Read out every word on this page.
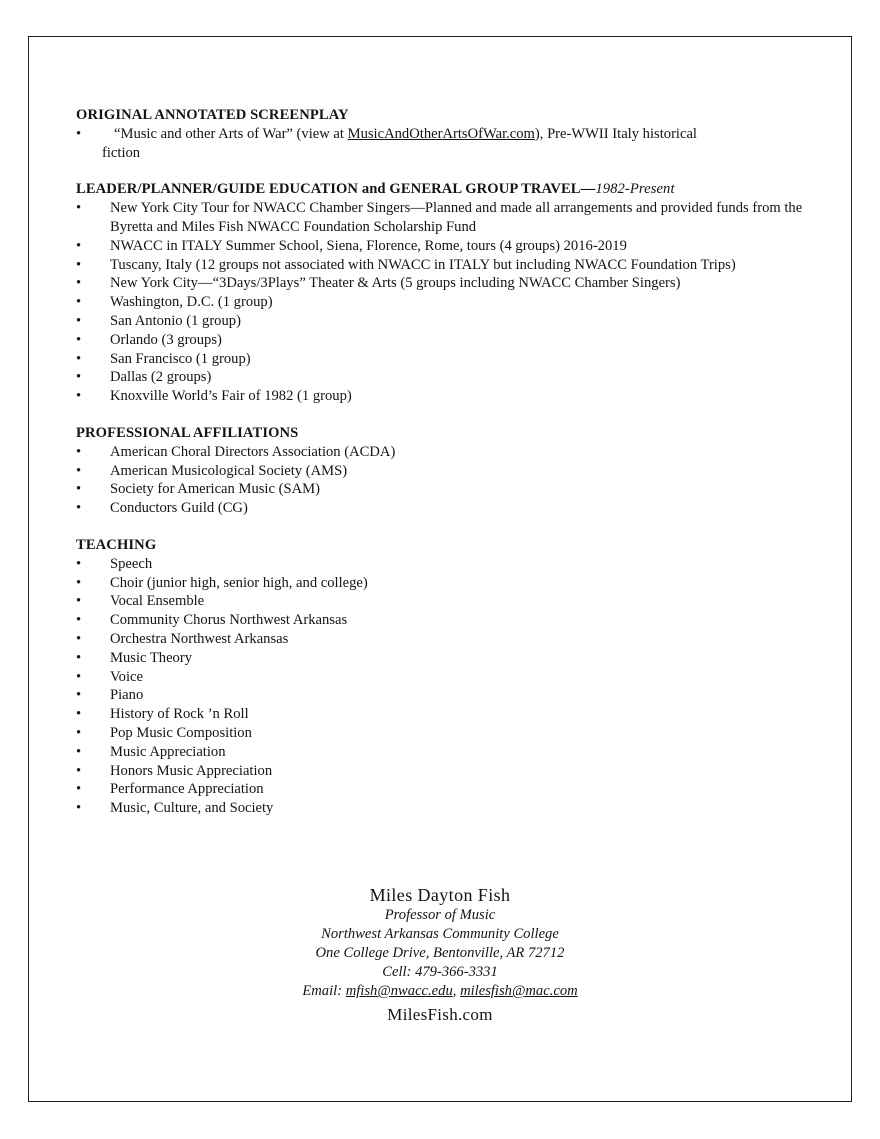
ORIGINAL ANNOTATED SCREENPLAY
• “Music and other Arts of War” (view at MusicAndOtherArtsOfWar.com), Pre-WWII Italy historical
fiction
LEADER/PLANNER/GUIDE EDUCATION and GENERAL GROUP TRAVEL—1982-Present
• New York City Tour for NWACC Chamber Singers—Planned and made all arrangements and provided funds from the Byretta and Miles Fish NWACC Foundation Scholarship Fund
• NWACC in ITALY Summer School, Siena, Florence, Rome, tours (4 groups) 2016-2019
• Tuscany, Italy (12 groups not associated with NWACC in ITALY but including NWACC Foundation Trips)
• New York City—“3Days/3Plays” Theater & Arts (5 groups including NWACC Chamber Singers)
• Washington, D.C. (1 group)
• San Antonio (1 group)
• Orlando (3 groups)
• San Francisco (1 group)
• Dallas (2 groups)
• Knoxville World’s Fair of 1982 (1 group)
PROFESSIONAL AFFILIATIONS
• American Choral Directors Association (ACDA)
• American Musicological Society (AMS)
• Society for American Music (SAM)
• Conductors Guild (CG)
TEACHING
• Speech
• Choir (junior high, senior high, and college)
• Vocal Ensemble
• Community Chorus Northwest Arkansas
• Orchestra Northwest Arkansas
• Music Theory
• Voice
• Piano
• History of Rock ’n Roll
• Pop Music Composition
• Music Appreciation
• Honors Music Appreciation
• Performance Appreciation
• Music, Culture, and Society
Miles Dayton Fish
Professor of Music
Northwest Arkansas Community College
One College Drive, Bentonville, AR 72712
Cell: 479-366-3331
Email: mfish@nwacc.edu, milesfish@mac.com
MilesFish.com
